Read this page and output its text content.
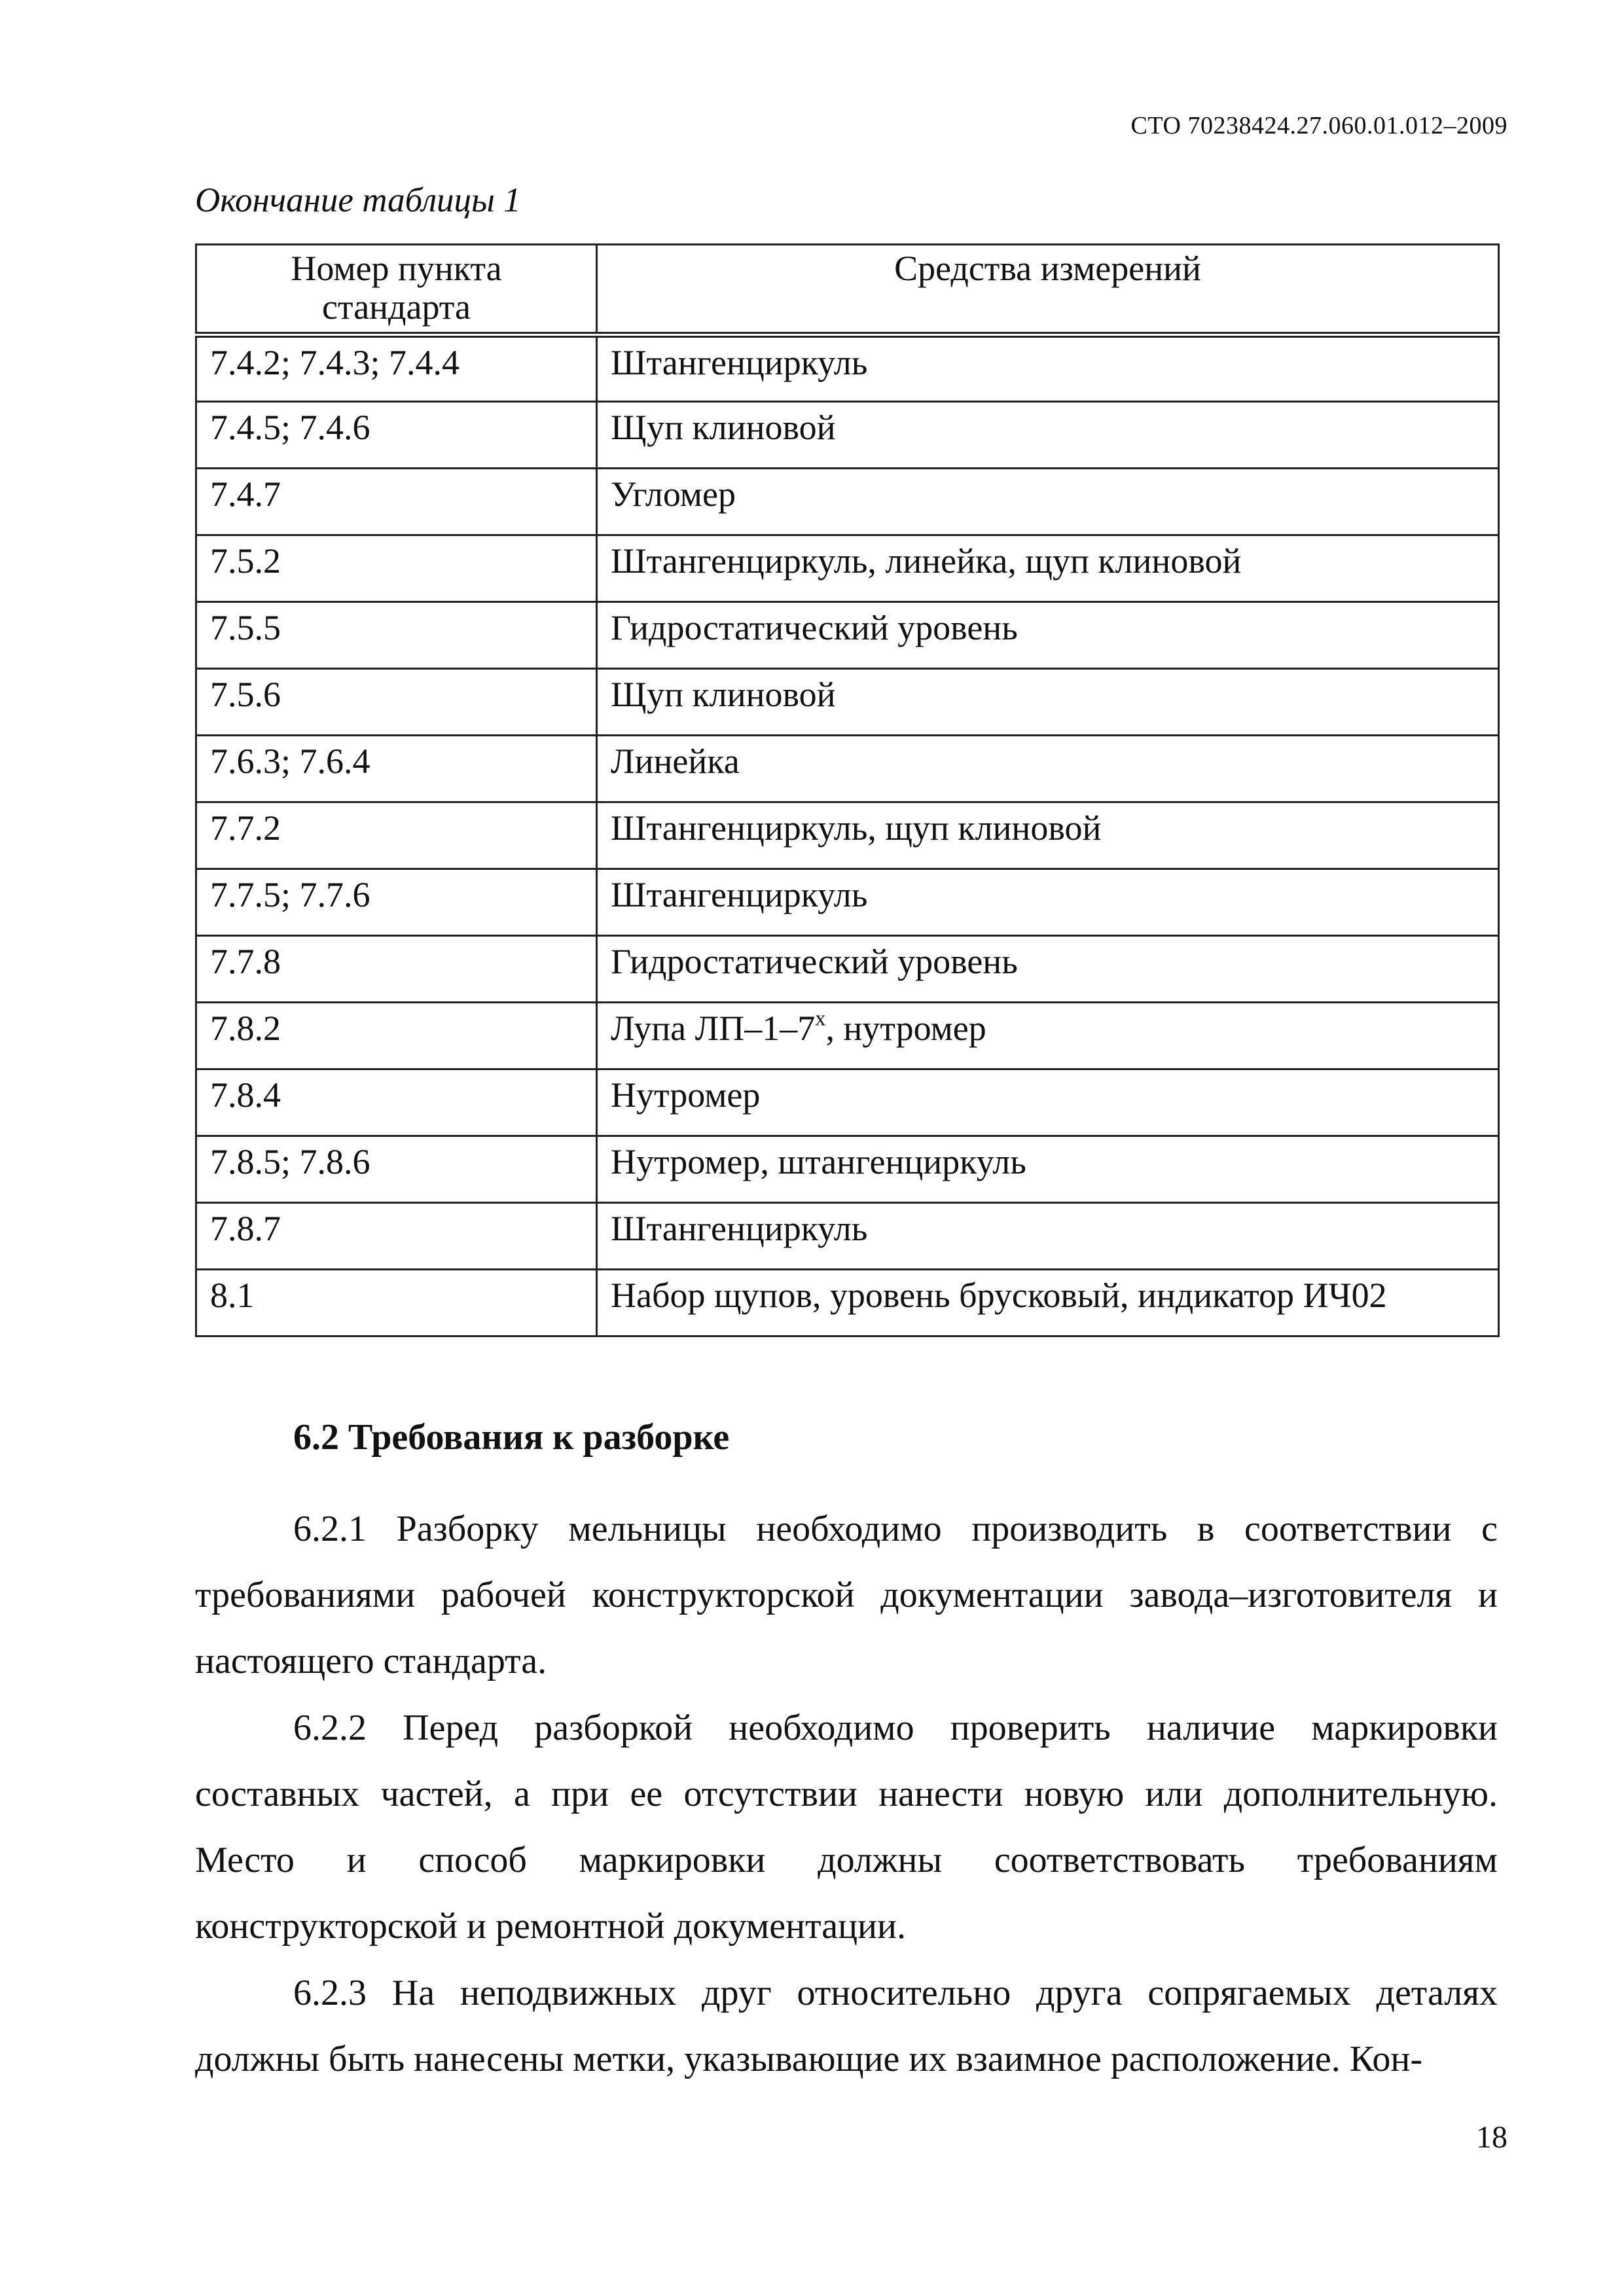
СТО 70238424.27.060.01.012–2009
Окончание таблицы 1
Номер пункта стандарта	Средства измерений
7.4.2; 7.4.3; 7.4.4	Штангенциркуль
7.4.5; 7.4.6	Щуп клиновой
7.4.7	Угломер
7.5.2	Штангенциркуль, линейка, щуп клиновой
7.5.5	Гидростатический уровень
7.5.6	Щуп клиновой
7.6.3; 7.6.4	Линейка
7.7.2	Штангенциркуль, щуп клиновой
7.7.5; 7.7.6	Штангенциркуль
7.7.8	Гидростатический уровень
7.8.2	Лупа $ЛП-1-7^х$, нутромер
7.8.4	Нутромер
7.8.5; 7.8.6	Нутромер, штангенциркуль
7.8.7	Штангенциркуль
8.1	Набор щупов, уровень брусковый, индикатор ИЧ02
6.2 Требования к разборке

6.2.1 Разборку мельницы необходимо производить в соответствии с требованиями рабочей конструкторской документации завода–изготовителя и настоящего стандарта.

6.2.2 Перед разборкой необходимо проверить наличие маркировки составных частей, а при ее отсутствии нанести новую или дополнительную. Место и способ маркировки должны соответствовать требованиям конструкторской и ремонтной документации.

6.2.3 На неподвижных друг относительно друга сопрягаемых деталях должны быть нанесены метки, указывающие их взаимное расположение. Кон-

18
